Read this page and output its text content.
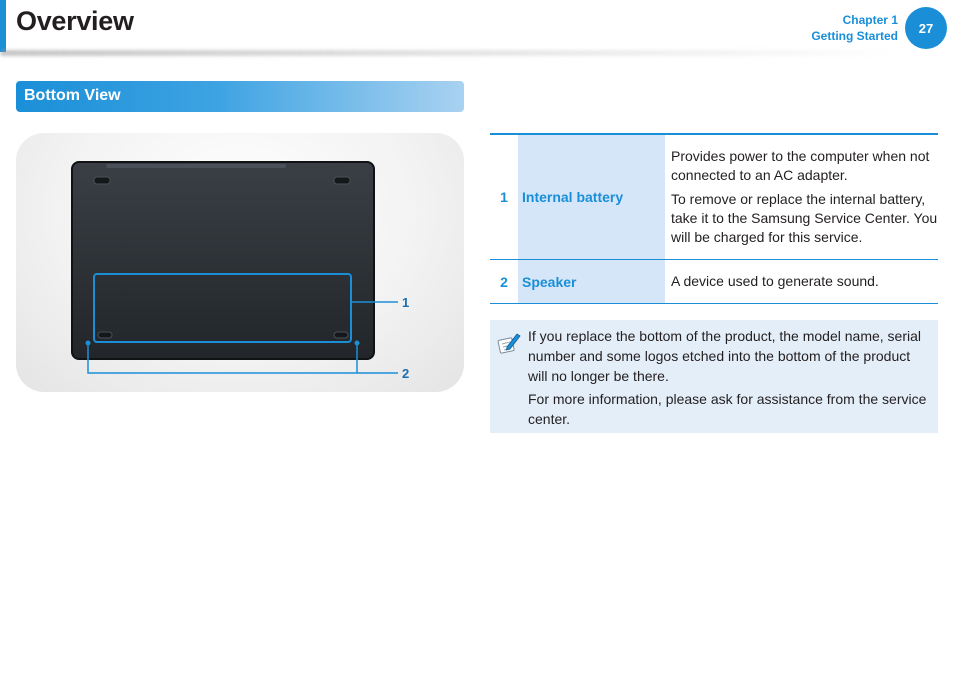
Overview	Chapter 1
Getting Started
27
Bottom View
1
2
1	Internal battery	Provides power to the computer when not connected to an AC adapter.

To remove or replace the internal battery, take it to the Samsung Service Center. You will be charged for this service.

2	Speaker	A device used to generate sound.

If you replace the bottom of the product, the model name, serial number and some logos etched into the bottom of the product will no longer be there.

For more information, please ask for assistance from the service center.
